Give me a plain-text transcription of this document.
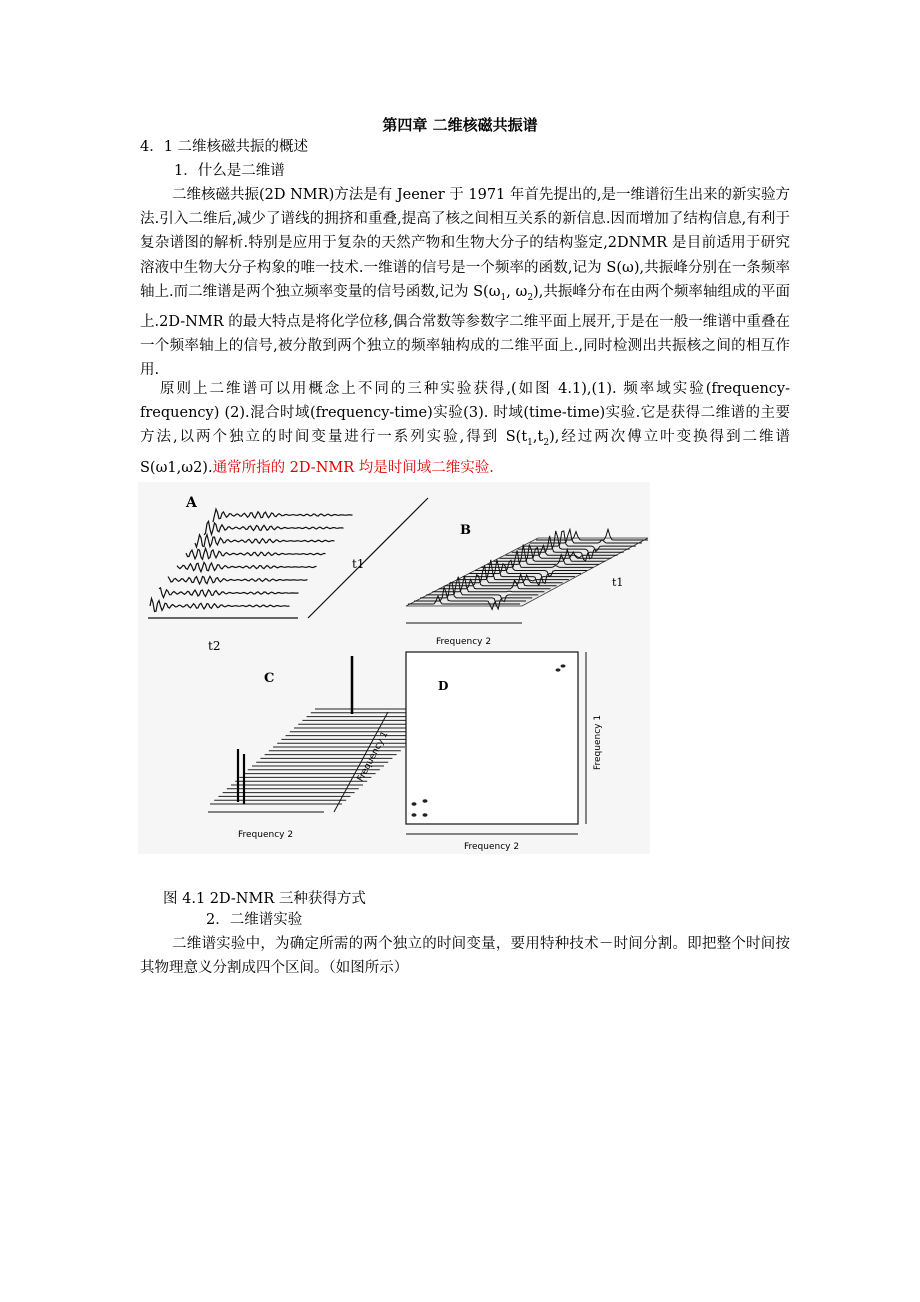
第四章 二维核磁共振谱
4．1 二维核磁共振的概述
1．什么是二维谱
二维核磁共振(2D NMR)方法是有 Jeener 于 1971 年首先提出的,是一维谱衍生出来的新实验方法.引入二维后,减少了谱线的拥挤和重叠,提高了核之间相互关系的新信息.因而增加了结构信息,有利于复杂谱图的解析.特别是应用于复杂的天然产物和生物大分子的结构鉴定,2DNMR 是目前适用于研究溶液中生物大分子构象的唯一技术.一维谱的信号是一个频率的函数,记为 S(ω),共振峰分别在一条频率轴上.而二维谱是两个独立频率变量的信号函数,记为 $S(\omega_1$, $\omega_2$),共振峰分布在由两个频率轴组成的平面上.2D-NMR 的最大特点是将化学位移,偶合常数等参数字二维平面上展开,于是在一般一维谱中重叠在一个频率轴上的信号,被分散到两个独立的频率轴构成的二维平面上.,同时检测出共振核之间的相互作用.
原则上二维谱可以用概念上不同的三种实验获得,(如图 4.1),(1). 频率域实验(frequency- frequency) (2).混合时域(frequency-time)实验(3). 时域(time-time)实验.它是获得二维谱的主要方法,以两个独立的时间变量进行一系列实验,得到 $S(t_1,t_2)$,经过两次傅立叶变换得到二维谱 S(ω1,ω2).通常所指的 2D-NMR 均是时间域二维实验.
A
t2
t1
B
Frequency 2
t1
C
Frequency 2
Frequency 1
D
Frequency 2
Frequency 1
图 4.1 2D-NMR 三种获得方式
2．二维谱实验
二维谱实验中，为确定所需的两个独立的时间变量，要用特种技术－时间分割。即把整个时间按其物理意义分割成四个区间。（如图所示）
